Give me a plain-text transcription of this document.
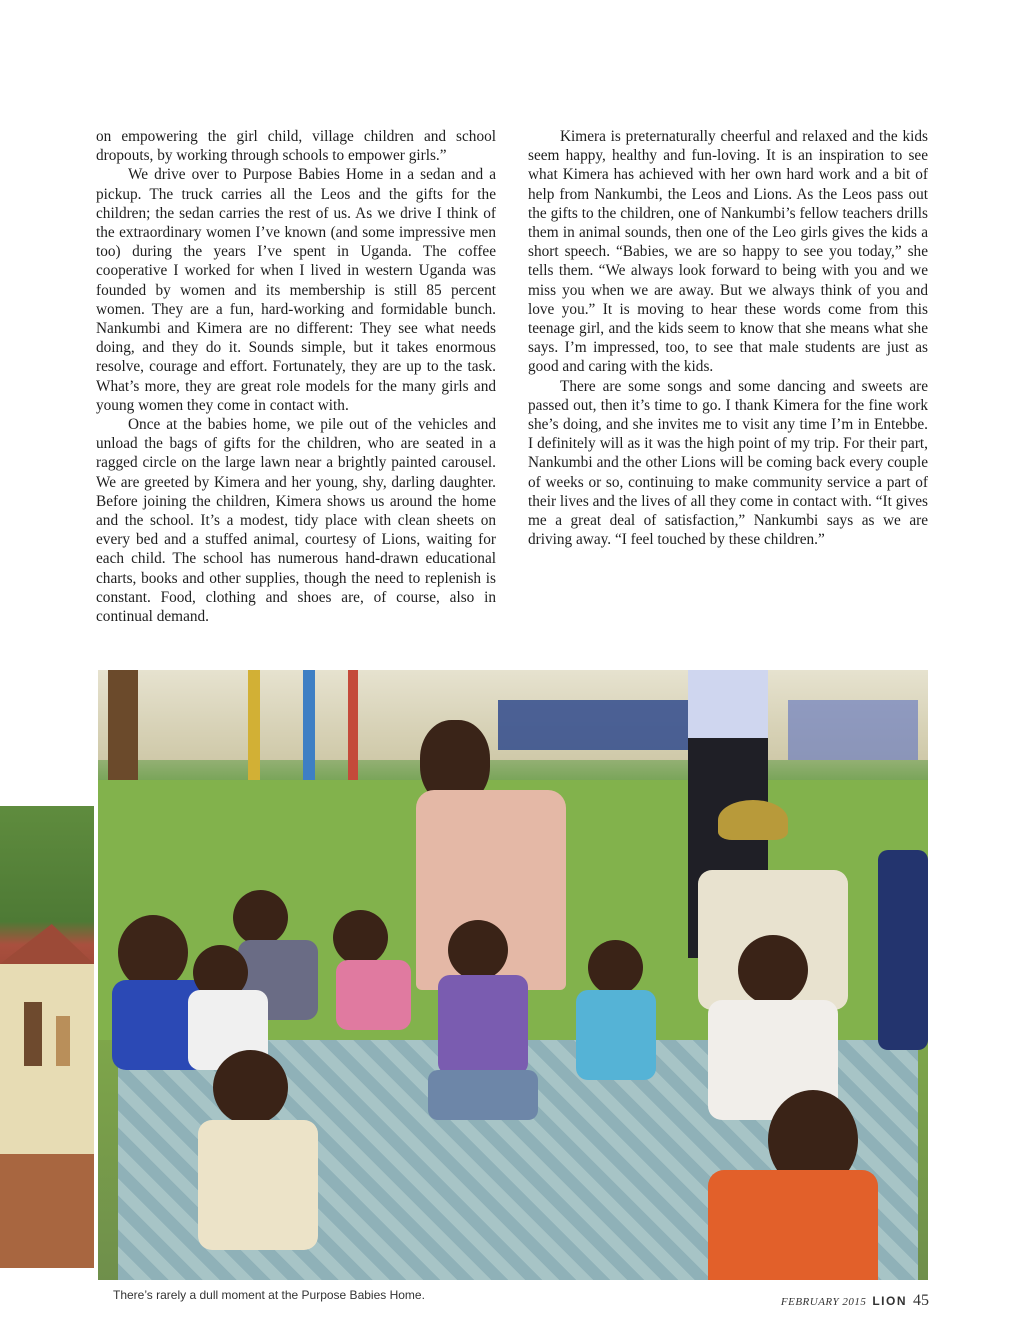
on empowering the girl child, village children and school dropouts, by working through schools to empower girls.”

We drive over to Purpose Babies Home in a sedan and a pickup. The truck carries all the Leos and the gifts for the children; the sedan carries the rest of us. As we drive I think of the extraordinary women I’ve known (and some impressive men too) during the years I’ve spent in Uganda. The coffee cooperative I worked for when I lived in western Uganda was founded by women and its membership is still 85 percent women. They are a fun, hard-working and formidable bunch. Nankumbi and Kimera are no different: They see what needs doing, and they do it. Sounds simple, but it takes enormous resolve, courage and effort. Fortunately, they are up to the task. What’s more, they are great role models for the many girls and young women they come in contact with.

Once at the babies home, we pile out of the vehicles and unload the bags of gifts for the children, who are seated in a ragged circle on the large lawn near a brightly painted carousel. We are greeted by Kimera and her young, shy, darling daughter. Before joining the children, Kimera shows us around the home and the school. It’s a modest, tidy place with clean sheets on every bed and a stuffed animal, courtesy of Lions, waiting for each child. The school has numerous hand-drawn educational charts, books and other supplies, though the need to replenish is constant. Food, clothing and shoes are, of course, also in continual demand.

Kimera is preternaturally cheerful and relaxed and the kids seem happy, healthy and fun-loving. It is an inspiration to see what Kimera has achieved with her own hard work and a bit of help from Nankumbi, the Leos and Lions. As the Leos pass out the gifts to the children, one of Nankumbi’s fellow teachers drills them in animal sounds, then one of the Leo girls gives the kids a short speech. “Babies, we are so happy to see you today,” she tells them. “We always look forward to being with you and we miss you when we are away. But we always think of you and love you.” It is moving to hear these words come from this teenage girl, and the kids seem to know that she means what she says. I’m impressed, too, to see that male students are just as good and caring with the kids.

There are some songs and some dancing and sweets are passed out, then it’s time to go. I thank Kimera for the fine work she’s doing, and she invites me to visit any time I’m in Entebbe. I definitely will as it was the high point of my trip. For their part, Nankumbi and the other Lions will be coming back every couple of weeks or so, continuing to make community service a part of their lives and the lives of all they come in contact with. “It gives me a great deal of satisfaction,” Nankumbi says as we are driving away. “I feel touched by these children.”

There’s rarely a dull moment at the Purpose Babies Home.	FEBRUARY 2015 LION 45
